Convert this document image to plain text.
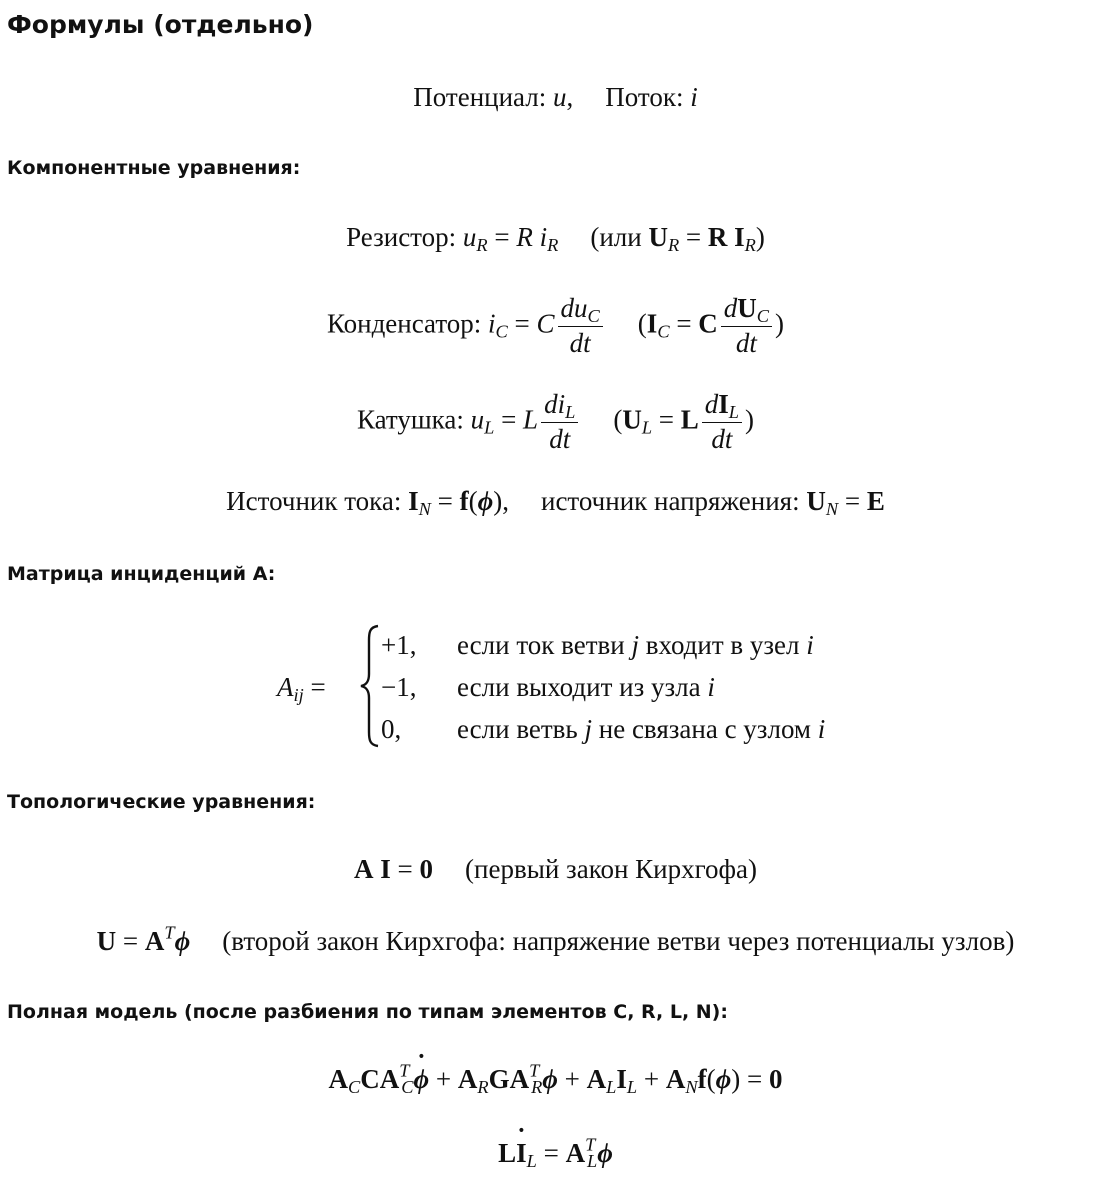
Формулы (отдельно)
Потенциал: u, Поток: i
Компонентные уравнения:
Резистор: $u_R = R$ $i_R$ (или $U_R = R$ $I_R$)
Конденсатор: $i_C = C \frac{du_C}{dt} (I_C = C \frac{dU_C}{dt}$ )
Катушка: $u_L = L \frac{di_L}{dt} (U_L = L \frac{dI_L}{dt}$ )
Источник тока: $I_N = f(\phi)$, источник напряжения: $U_N = E$
Матрица инциденций A:
$A_{ij}$ =
+1, если ток ветви j входит в узел i
−1, если выходит из узла i
0, если ветвь j не связана с узлом i
Топологические уравнения:
A I = 0 (первый закон Кирхгофа)
$U = A^T\phi$ (второй закон Кирхгофа: напряжение ветви через потенциалы узлов)
Полная модель (после разбиения по типам элементов C, R, L, N):
$A_CCA^T_C\phi$ ˙ + $A_RGA^T_R\phi + A_LI_L + A_Nf(\phi) = 0$
LI $˙_L = A^T_L\phi$
